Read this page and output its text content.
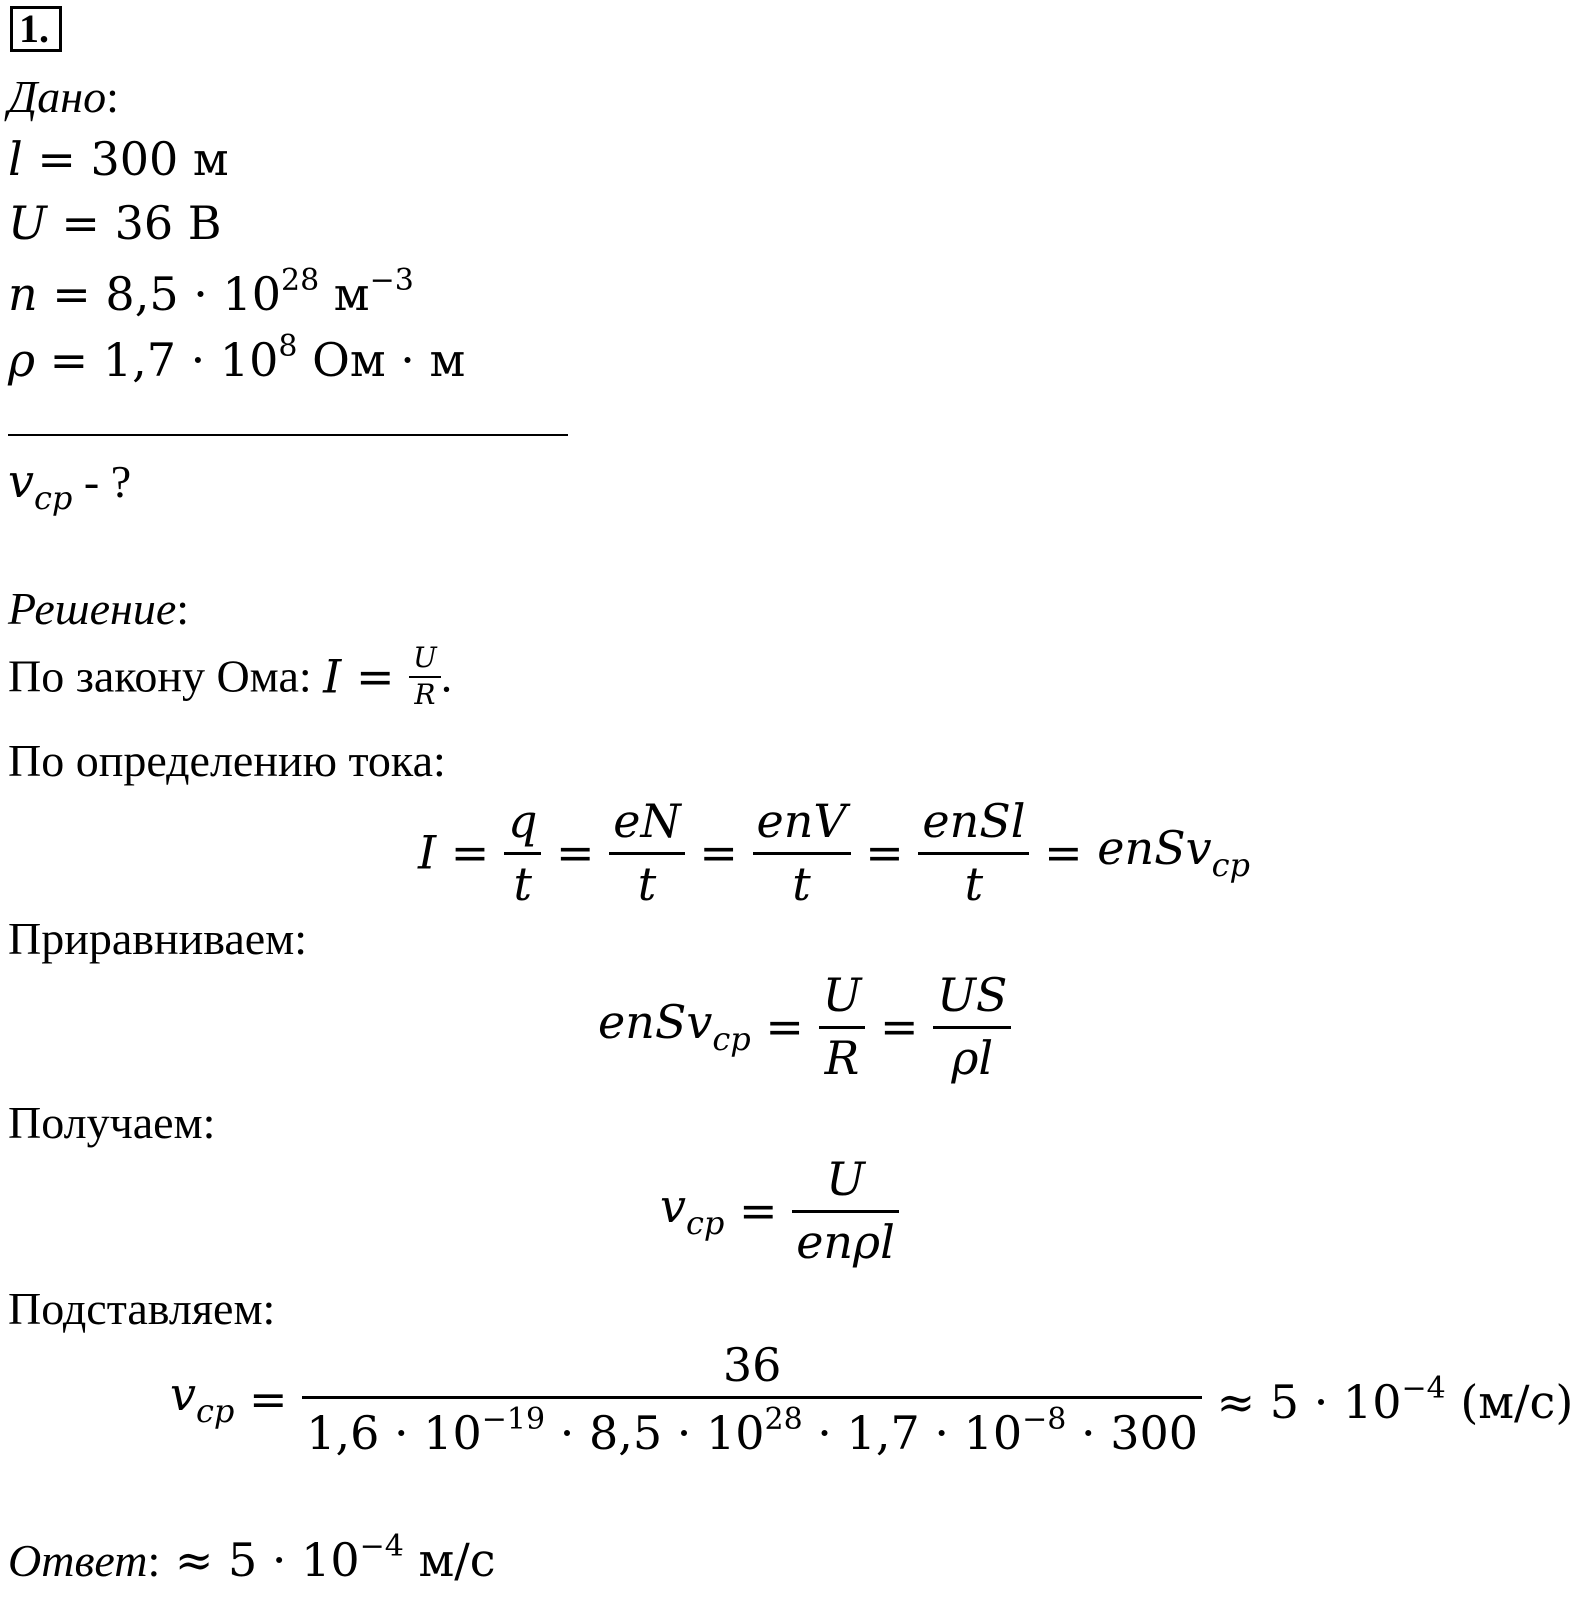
1.
Дано:
l = 300 м
U = 36 В
$n = 8,5 \cdot 10^{28}$ $м^{-3}$
$\rho = 1,7 \cdot 10^8$ Ом · м
$v_{cp}$ - ?
Решение:
По закону Ома: $I = \frac{U}{R}$ .
По определению тока:
$I = \frac{q}{t} = \frac{eN}{t} = \frac{\text{enV}}{t} = \frac{\text{enSl}}{t}$ = enSv$_{cp}$
Приравниваем:
enSv$_{cp}$ = $\frac{U}{R} = \frac{US}{\rho l}$
Получаем:
$v_{cp} = \frac{U}{\text{enρl}}$
Подставляем:
$v_{cp} = \frac{36}{1,6 \cdot 10^{-19} \cdot 8,5 \cdot 10^{28} \cdot 1,7 \cdot 10^{-8} \cdot 300} \approx 5 \cdot 10^{-4}$ (м/с)
Ответ: ≈ $5 \cdot 10^{-4}$ м/с
